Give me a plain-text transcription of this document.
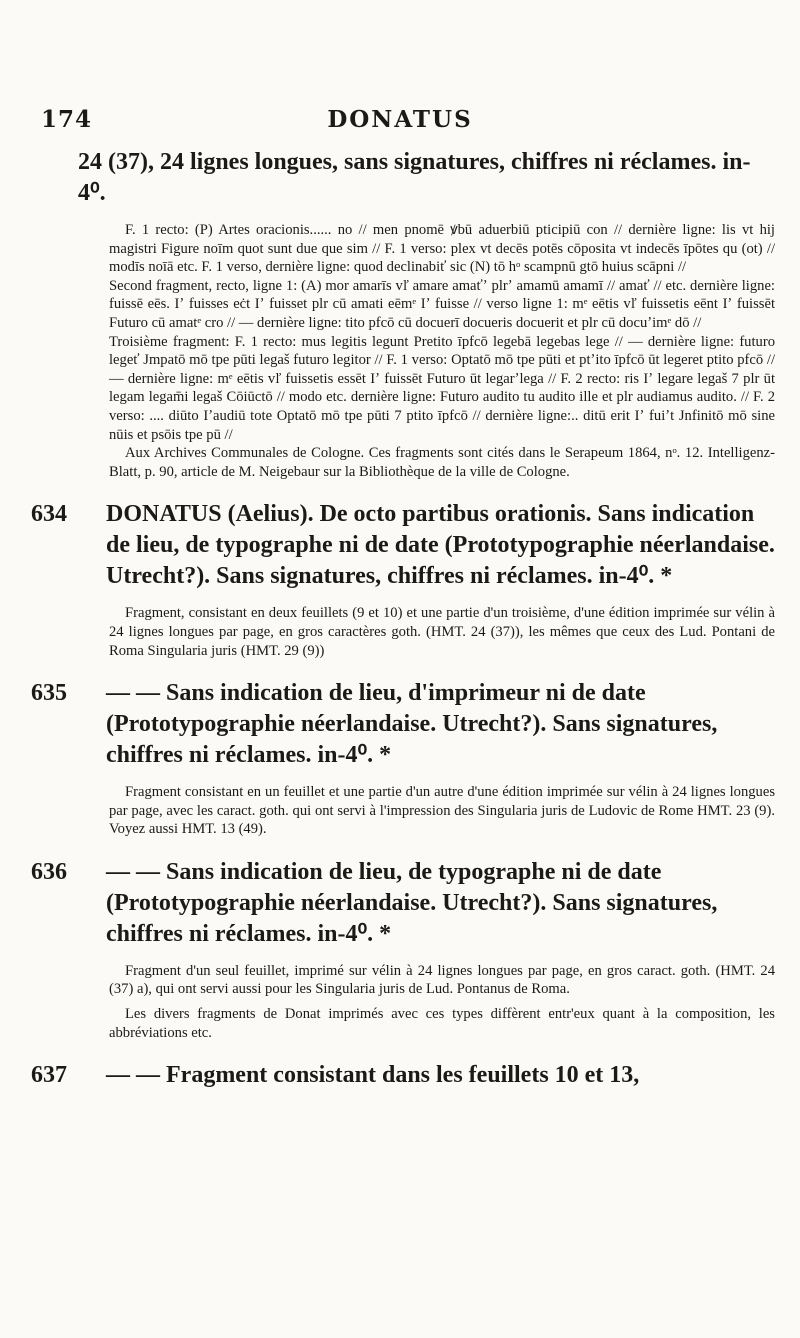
174	DONATUS
24 (37), 24 lignes longues, sans signatures, chiffres ni réclames. in-4⁰.

F. 1 recto: (P) Artes oracionis...... no // men pnomē ꝟbū aduerbiū pticipiū con // dernière ligne: lis vt hij magistri Figure noīm quot sunt due que sim // F. 1 verso: plex vt decēs potēs cōposita vt indecēs īpōtes qu (ot) // modīs noīā etc. F. 1 verso, dernière ligne: quod declinabiť sic (N) tō hᵒ scampnū gtō huius scāpni //

Second fragment, recto, ligne 1: (A) mor amarīs vľ amare amaťʼ plrʼ amamū amamī // amať // etc. dernière ligne: fuissē eēs. Iʼ fuisses eċt Iʼ fuisset plr cū amati eēmᵉ Iʼ fuisse // verso ligne 1: mᵉ eētis vľ fuissetis eēnt Iʼ fuissēt Futuro cū amatᵉ cro // — dernière ligne: tito pfcō cū docuerī docueris docuerit et plr cū docuʼimᵉ dō //

Troisième fragment: F. 1 recto: mus legitis legunt Pretito īpfcō legebā legebas lege // — dernière ligne: futuro legeť Jmpatō mō tpe pūti legaš futuro legitor // F. 1 verso: Optatō mō tpe pūti et ptʼito īpfcō ūt legeret ptito pfcō // — dernière ligne: mᵉ eētis vľ fuissetis essēt Iʼ fuissēt Futuro ūt legarʼlega // F. 2 recto: ris Iʼ legare legaš 7 plr ūt legam legam̄i legaš Cōiūctō // modo etc. dernière ligne: Futuro audito tu audito ille et plr audiamus audito. // F. 2 verso: .... diūto Iʼaudiū tote Optatō mō tpe pūti 7 ptito īpfcō // dernière ligne:.. ditū erit Iʼ fuiʼt Jnfinitō mō sine nūis et psōis tpe pū //

Aux Archives Communales de Cologne. Ces fragments sont cités dans le Serapeum 1864, nᵒ. 12. Intelligenz-Blatt, p. 90, article de M. Neigebaur sur la Bibliothèque de la ville de Cologne.

634	DONATUS (Aelius). De octo partibus orationis. Sans indication de lieu, de typographe ni de date (Prototypographie néerlandaise. Utrecht?). Sans signatures, chiffres ni réclames. in-4⁰. *

Fragment, consistant en deux feuillets (9 et 10) et une partie d'un troisième, d'une édition imprimée sur vélin à 24 lignes longues par page, en gros caractères goth. (HMT. 24 (37)), les mêmes que ceux des Lud. Pontani de Roma Singularia juris (HMT. 29 (9))

635	— — Sans indication de lieu, d'imprimeur ni de date (Prototypographie néerlandaise. Utrecht?). Sans signatures, chiffres ni réclames. in-4⁰. *

Fragment consistant en un feuillet et une partie d'un autre d'une édition imprimée sur vélin à 24 lignes longues par page, avec les caract. goth. qui ont servi à l'impression des Singularia juris de Ludovic de Rome HMT. 23 (9). Voyez aussi HMT. 13 (49).

636	— — Sans indication de lieu, de typographe ni de date (Prototypographie néerlandaise. Utrecht?). Sans signatures, chiffres ni réclames. in-4⁰. *

Fragment d'un seul feuillet, imprimé sur vélin à 24 lignes longues par page, en gros caract. goth. (HMT. 24 (37) a), qui ont servi aussi pour les Singularia juris de Lud. Pontanus de Roma.

Les divers fragments de Donat imprimés avec ces types diffèrent entr'eux quant à la composition, les abbréviations etc.

637	— — Fragment consistant dans les feuillets 10 et 13,
